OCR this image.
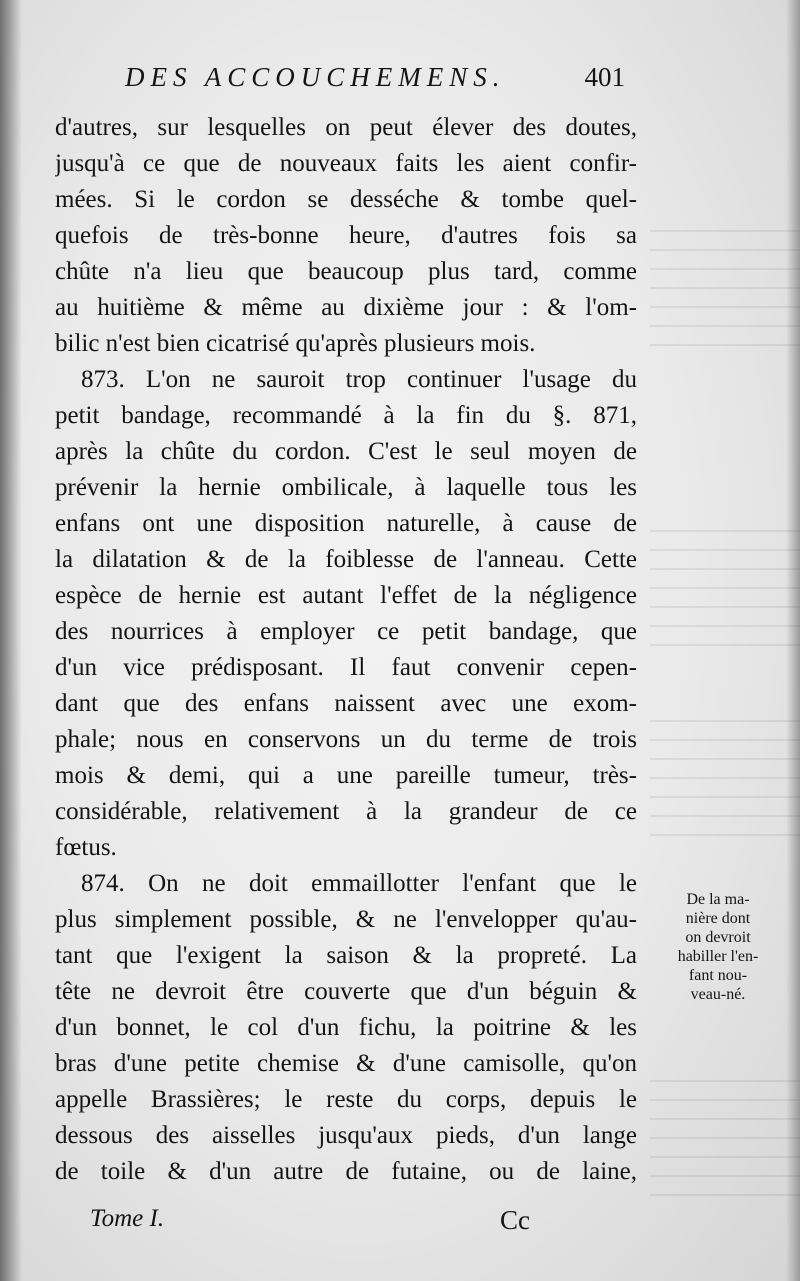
DES ACCOUCHEMENS.	401
d'autres, sur lesquelles on peut élever des doutes,
jusqu'à ce que de nouveaux faits les aient confir-
mées. Si le cordon se desséche & tombe quel-
quefois de très-bonne heure, d'autres fois sa
chûte n'a lieu que beaucoup plus tard, comme
au huitième & même au dixième jour : & l'om-
bilic n'est bien cicatrisé qu'après plusieurs mois.
873. L'on ne sauroit trop continuer l'usage du
petit bandage, recommandé à la fin du §. 871,
après la chûte du cordon. C'est le seul moyen de
prévenir la hernie ombilicale, à laquelle tous les
enfans ont une disposition naturelle, à cause de
la dilatation & de la foiblesse de l'anneau. Cette
espèce de hernie est autant l'effet de la négligence
des nourrices à employer ce petit bandage, que
d'un vice prédisposant. Il faut convenir cepen-
dant que des enfans naissent avec une exom-
phale; nous en conservons un du terme de trois
mois & demi, qui a une pareille tumeur, très-
considérable, relativement à la grandeur de ce
fœtus.
874. On ne doit emmaillotter l'enfant que le
plus simplement possible, & ne l'envelopper qu'au-
tant que l'exigent la saison & la propreté. La
tête ne devroit être couverte que d'un béguin &
d'un bonnet, le col d'un fichu, la poitrine & les
bras d'une petite chemise & d'une camisolle, qu'on
appelle Brassières; le reste du corps, depuis le
dessous des aisselles jusqu'aux pieds, d'un lange
de toile & d'un autre de futaine, ou de laine,
De la ma-
nière dont
on devroit
habiller l'en-
fant nou-
veau-né.
Tome I.	Cc
